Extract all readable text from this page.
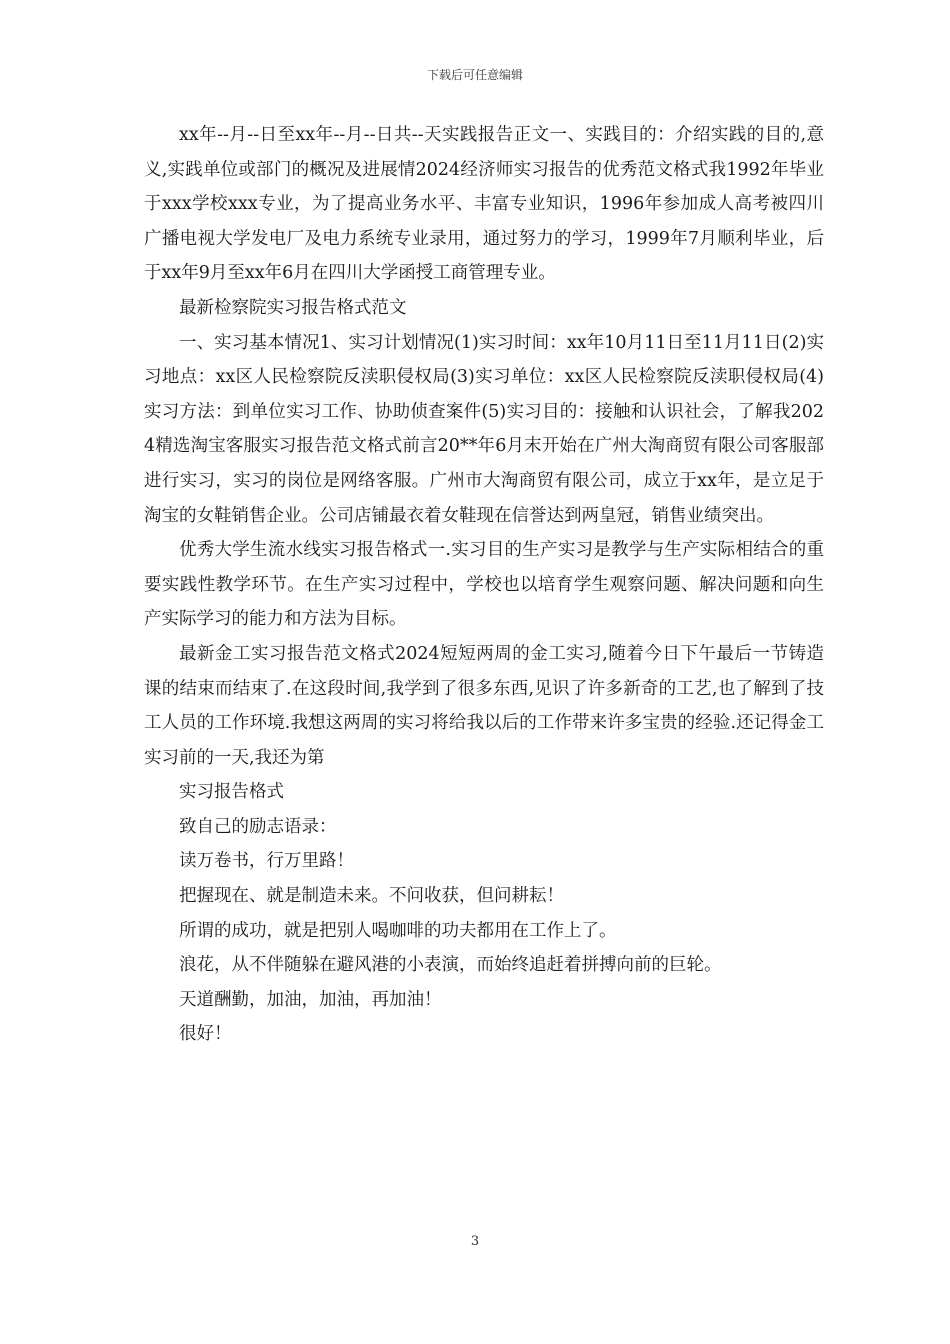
下载后可任意编辑

xx年--月--日至xx年--月--日共--天实践报告正文一、实践目的：介绍实践的目的,意义,实践单位或部门的概况及进展情2024经济师实习报告的优秀范文格式我1992年毕业于xxx学校xxx专业，为了提高业务水平、丰富专业知识，1996年参加成人高考被四川广播电视大学发电厂及电力系统专业录用，通过努力的学习，1999年7月顺利毕业，后于xx年9月至xx年6月在四川大学函授工商管理专业。

最新检察院实习报告格式范文

一、实习基本情况1、实习计划情况(1)实习时间：xx年10月11日至11月11日(2)实习地点：xx区人民检察院反渎职侵权局(3)实习单位：xx区人民检察院反渎职侵权局(4)实习方法：到单位实习工作、协助侦查案件(5)实习目的：接触和认识社会，了解我2024精选淘宝客服实习报告范文格式前言20**年6月末开始在广州大淘商贸有限公司客服部进行实习，实习的岗位是网络客服。广州市大淘商贸有限公司，成立于xx年，是立足于淘宝的女鞋销售企业。公司店铺最衣着女鞋现在信誉达到两皇冠，销售业绩突出。

优秀大学生流水线实习报告格式一.实习目的生产实习是教学与生产实际相结合的重要实践性教学环节。在生产实习过程中，学校也以培育学生观察问题、解决问题和向生产实际学习的能力和方法为目标。

最新金工实习报告范文格式2024短短两周的金工实习,随着今日下午最后一节铸造课的结束而结束了.在这段时间,我学到了很多东西,见识了许多新奇的工艺,也了解到了技工人员的工作环境.我想这两周的实习将给我以后的工作带来许多宝贵的经验.还记得金工实习前的一天,我还为第

实习报告格式

致自己的励志语录：

读万卷书，行万里路！

把握现在、就是制造未来。不问收获，但问耕耘！

所谓的成功，就是把别人喝咖啡的功夫都用在工作上了。

浪花，从不伴随躲在避风港的小表演，而始终追赶着拼搏向前的巨轮。

天道酬勤，加油，加油，再加油！

很好！

3
